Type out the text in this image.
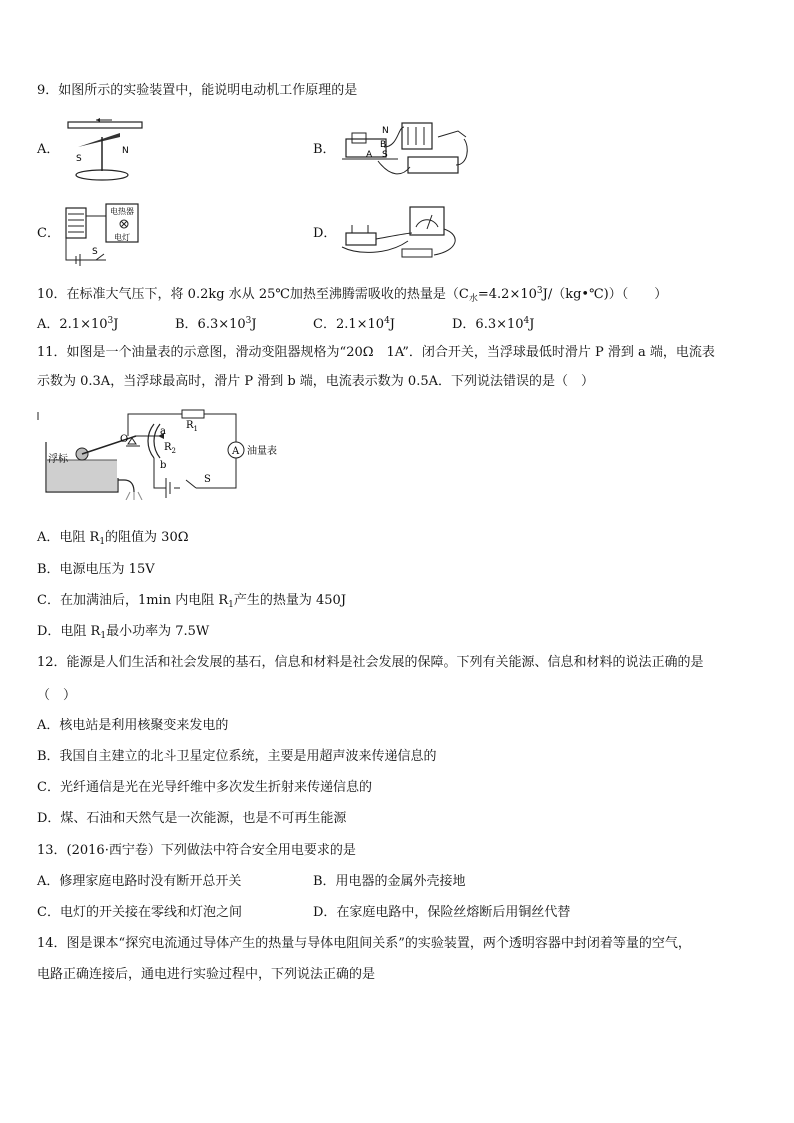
9．如图所示的实验装置中，能说明电动机工作原理的是
A．
S
N	B．
N
B
A S
C．
电热器
电灯
S
D．
10．在标准大气压下，将 0.2kg 水从 25℃加热至沸腾需吸收的热量是$(C_水=4.2\times 10^3J/(kg•℃))$（　　）
A．$2.1\times 10^3J$	B．$6.3\times 10^3J$	C．$2.1\times 10^4J$	D．$6.3\times 10^4J$
11．如图是一个油量表的示意图，滑动变阻器规格为“20Ω　1A”．闭合开关，当浮球最低时滑片 P 滑到 a 端，电流表
示数为 0.3A，当浮球最高时，滑片 P 滑到 b 端，电流表示数为 0.5A．下列说法错误的是（　）
$R_1$
$R_2$
O
a
b
A 油量表
浮标
S
A．电阻 $R_1$的阻值为 30Ω
B．电源电压为 15V
C．在加满油后，1min 内电阻 $R_1$产生的热量为 450J
D．电阻 $R_1$最小功率为 7.5W
12．能源是人们生活和社会发展的基石，信息和材料是社会发展的保障。下列有关能源、信息和材料的说法正确的是
（　）
A．核电站是利用核聚变来发电的
B．我国自主建立的北斗卫星定位系统，主要是用超声波来传递信息的
C．光纤通信是光在光导纤维中多次发生折射来传递信息的
D．煤、石油和天然气是一次能源，也是不可再生能源
13．(2016·西宁卷）下列做法中符合安全用电要求的是
A．修理家庭电路时没有断开总开关	B．用电器的金属外壳接地
C．电灯的开关接在零线和灯泡之间	D．在家庭电路中，保险丝熔断后用铜丝代替
14．图是课本“探究电流通过导体产生的热量与导体电阻间关系”的实验装置，两个透明容器中封闭着等量的空气，
电路正确连接后，通电进行实验过程中，下列说法正确的是
